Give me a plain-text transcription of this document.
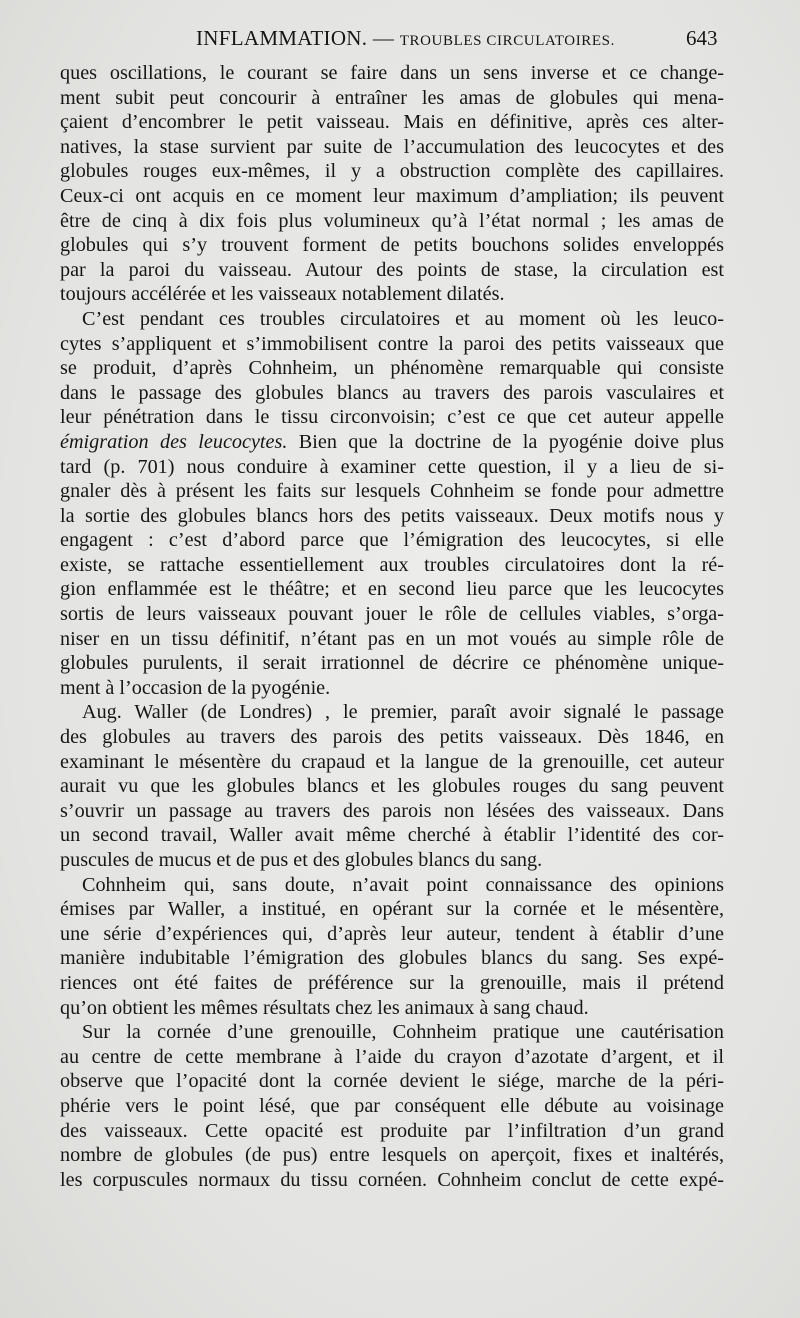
INFLAMMATION. — TROUBLES CIRCULATOIRES.	643
ques oscillations, le courant se faire dans un sens inverse et ce change-
ment subit peut concourir à entraîner les amas de globules qui mena-
çaient d’encombrer le petit vaisseau. Mais en définitive, après ces alter-
natives, la stase survient par suite de l’accumulation des leucocytes et des
globules rouges eux-mêmes, il y a obstruction complète des capillaires.
Ceux-ci ont acquis en ce moment leur maximum d’ampliation; ils peuvent
être de cinq à dix fois plus volumineux qu’à l’état normal ; les amas de
globules qui s’y trouvent forment de petits bouchons solides enveloppés
par la paroi du vaisseau. Autour des points de stase, la circulation est
toujours accélérée et les vaisseaux notablement dilatés.
C’est pendant ces troubles circulatoires et au moment où les leuco-
cytes s’appliquent et s’immobilisent contre la paroi des petits vaisseaux que
se produit, d’après Cohnheim, un phénomène remarquable qui consiste
dans le passage des globules blancs au travers des parois vasculaires et
leur pénétration dans le tissu circonvoisin; c’est ce que cet auteur appelle
émigration des leucocytes. Bien que la doctrine de la pyogénie doive plus
tard (p. 701) nous conduire à examiner cette question, il y a lieu de si-
gnaler dès à présent les faits sur lesquels Cohnheim se fonde pour admettre
la sortie des globules blancs hors des petits vaisseaux. Deux motifs nous y
engagent : c’est d’abord parce que l’émigration des leucocytes, si elle
existe, se rattache essentiellement aux troubles circulatoires dont la ré-
gion enflammée est le théâtre; et en second lieu parce que les leucocytes
sortis de leurs vaisseaux pouvant jouer le rôle de cellules viables, s’orga-
niser en un tissu définitif, n’étant pas en un mot voués au simple rôle de
globules purulents, il serait irrationnel de décrire ce phénomène unique-
ment à l’occasion de la pyogénie.
Aug. Waller (de Londres) , le premier, paraît avoir signalé le passage
des globules au travers des parois des petits vaisseaux. Dès 1846, en
examinant le mésentère du crapaud et la langue de la grenouille, cet auteur
aurait vu que les globules blancs et les globules rouges du sang peuvent
s’ouvrir un passage au travers des parois non lésées des vaisseaux. Dans
un second travail, Waller avait même cherché à établir l’identité des cor-
puscules de mucus et de pus et des globules blancs du sang.
Cohnheim qui, sans doute, n’avait point connaissance des opinions
émises par Waller, a institué, en opérant sur la cornée et le mésentère,
une série d’expériences qui, d’après leur auteur, tendent à établir d’une
manière indubitable l’émigration des globules blancs du sang. Ses expé-
riences ont été faites de préférence sur la grenouille, mais il prétend
qu’on obtient les mêmes résultats chez les animaux à sang chaud.
Sur la cornée d’une grenouille, Cohnheim pratique une cautérisation
au centre de cette membrane à l’aide du crayon d’azotate d’argent, et il
observe que l’opacité dont la cornée devient le siége, marche de la péri-
phérie vers le point lésé, que par conséquent elle débute au voisinage
des vaisseaux. Cette opacité est produite par l’infiltration d’un grand
nombre de globules (de pus) entre lesquels on aperçoit, fixes et inaltérés,
les corpuscules normaux du tissu cornéen. Cohnheim conclut de cette expé-
